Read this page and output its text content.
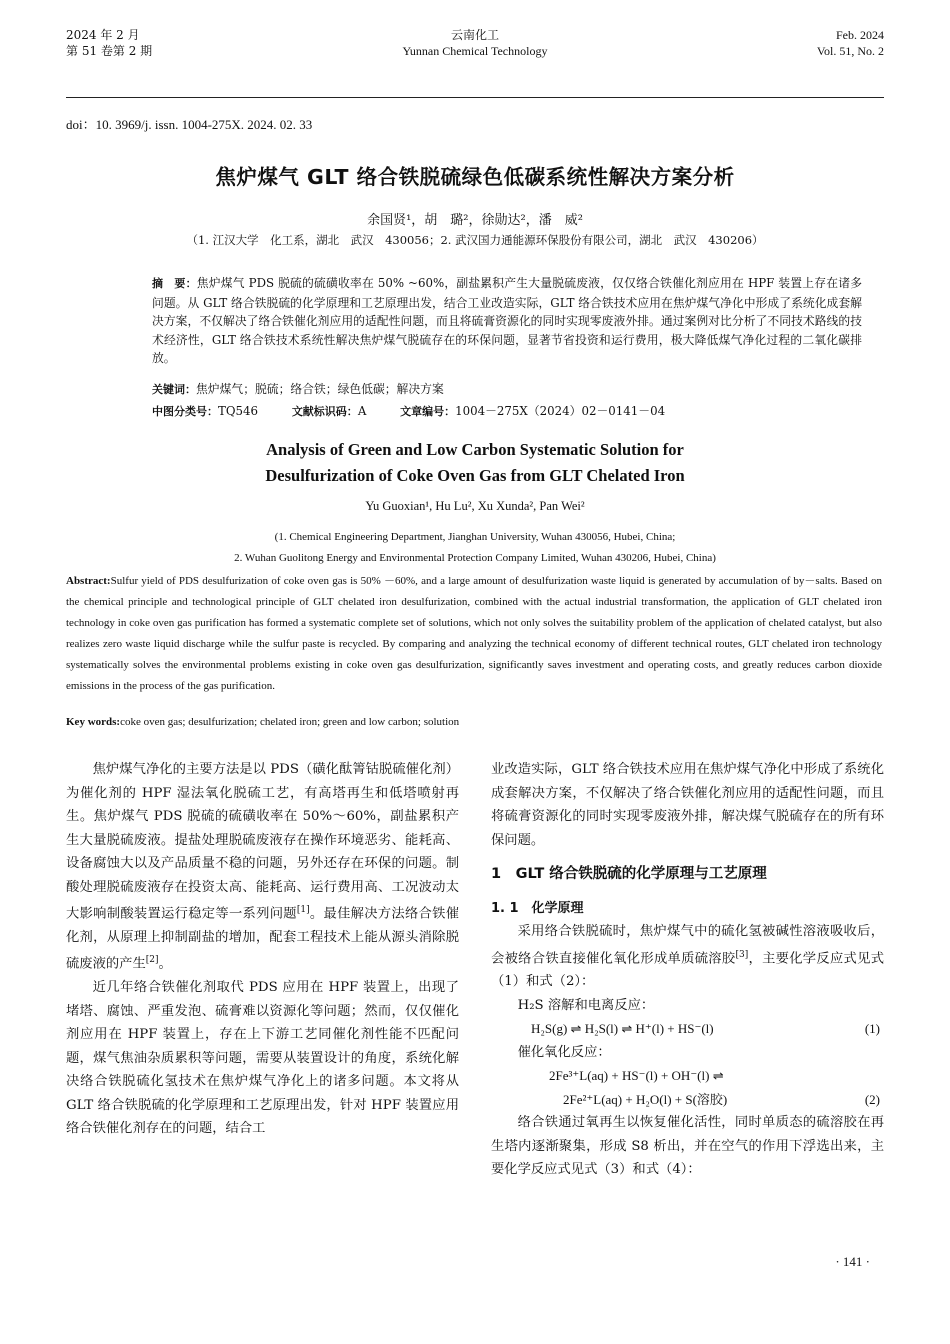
2024 年 2 月
第 51 卷第 2 期
云南化工
Yunnan Chemical Technology
Feb. 2024
Vol. 51, No. 2
doi：10. 3969/j. issn. 1004-275X. 2024. 02. 33
焦炉煤气 GLT 络合铁脱硫绿色低碳系统性解决方案分析
余国贤¹，胡　璐²，徐勋达²，潘　威²
（1. 江汉大学　化工系，湖北　武汉　430056；2. 武汉国力通能源环保股份有限公司，湖北　武汉　430206）
摘　要：焦炉煤气 PDS 脱硫的硫磺收率在 50% ~60%，副盐累积产生大量脱硫废液，仅仅络合铁催化剂应用在 HPF 装置上存在诸多问题。从 GLT 络合铁脱硫的化学原理和工艺原理出发，结合工业改造实际，GLT 络合铁技术应用在焦炉煤气净化中形成了系统化成套解决方案，不仅解决了络合铁催化剂应用的适配性问题，而且将硫膏资源化的同时实现零废液外排。通过案例对比分析了不同技术路线的技术经济性，GLT 络合铁技术系统性解决焦炉煤气脱硫存在的环保问题，显著节省投资和运行费用，极大降低煤气净化过程的二氧化碳排放。
关键词：焦炉煤气；脱硫；络合铁；绿色低碳；解决方案
中图分类号：TQ546	文献标识码：A	文章编号：1004－275X（2024）02－0141－04
Analysis of Green and Low Carbon Systematic Solution for
Desulfurization of Coke Oven Gas from GLT Chelated Iron
Yu Guoxian¹, Hu Lu², Xu Xunda², Pan Wei²
(1. Chemical Engineering Department, Jianghan University, Wuhan 430056, Hubei, China;
2. Wuhan Guolitong Energy and Environmental Protection Company Limited, Wuhan 430206, Hubei, China)
Abstract:Sulfur yield of PDS desulfurization of coke oven gas is 50% －60%, and a large amount of desulfurization waste liquid is generated by accumulation of by－salts. Based on the chemical principle and technological principle of GLT chelated iron desulfurization, combined with the actual industrial transformation, the application of GLT chelated iron technology in coke oven gas purification has formed a systematic complete set of solutions, which not only solves the suitability problem of the application of chelated catalyst, but also realizes zero waste liquid discharge while the sulfur paste is recycled. By comparing and analyzing the technical economy of different technical routes, GLT chelated iron technology systematically solves the environmental problems existing in coke oven gas desulfurization, significantly saves investment and operating costs, and greatly reduces carbon dioxide emissions in the process of the gas purification.
Key words:coke oven gas; desulfurization; chelated iron; green and low carbon; solution

焦炉煤气净化的主要方法是以 PDS（磺化酞箐钴脱硫催化剂）为催化剂的 HPF 湿法氧化脱硫工艺，有高塔再生和低塔喷射再生。焦炉煤气 PDS 脱硫的硫磺收率在 50%～60%，副盐累积产生大量脱硫废液。提盐处理脱硫废液存在操作环境恶劣、能耗高、设备腐蚀大以及产品质量不稳的问题，另外还存在环保的问题。制酸处理脱硫废液存在投资太高、能耗高、运行费用高、工况波动太大影响制酸装置运行稳定等一系列问题[1]。最佳解决方法络合铁催化剂，从原理上抑制副盐的增加，配套工程技术上能从源头消除脱硫废液的产生[2]。

近几年络合铁催化剂取代 PDS 应用在 HPF 装置上，出现了堵塔、腐蚀、严重发泡、硫膏难以资源化等问题；然而，仅仅催化剂应用在 HPF 装置上，存在上下游工艺同催化剂性能不匹配问题，煤气焦油杂质累积等问题，需要从装置设计的角度，系统化解决络合铁脱硫化氢技术在焦炉煤气净化上的诸多问题。本文将从 GLT 络合铁脱硫的化学原理和工艺原理出发，针对 HPF 装置应用络合铁催化剂存在的问题，结合工

业改造实际，GLT 络合铁技术应用在焦炉煤气净化中形成了系统化成套解决方案，不仅解决了络合铁催化剂应用的适配性问题，而且将硫膏资源化的同时实现零废液外排，解决煤气脱硫存在的所有环保问题。

1　GLT 络合铁脱硫的化学原理与工艺原理
1. 1　化学原理

采用络合铁脱硫时，焦炉煤气中的硫化氢被碱性溶液吸收后，会被络合铁直接催化氧化形成单质硫溶胶[3]，主要化学反应式见式（1）和式（2）：

H₂S 溶解和电离反应：
H₂S(g) ⇌ H₂S(l) ⇌ H⁺(l) + HS⁻(l)	(1)
催化氧化反应：
2Fe³⁺L(aq) + HS⁻(l) + OH⁻(l) ⇌
2Fe²⁺L(aq) + H₂O(l) + S(溶胶)	(2)

络合铁通过氧再生以恢复催化活性，同时单质态的硫溶胶在再生塔内逐渐聚集，形成 S8 析出，并在空气的作用下浮选出来，主要化学反应式见式（3）和式（4）：

· 141 ·
